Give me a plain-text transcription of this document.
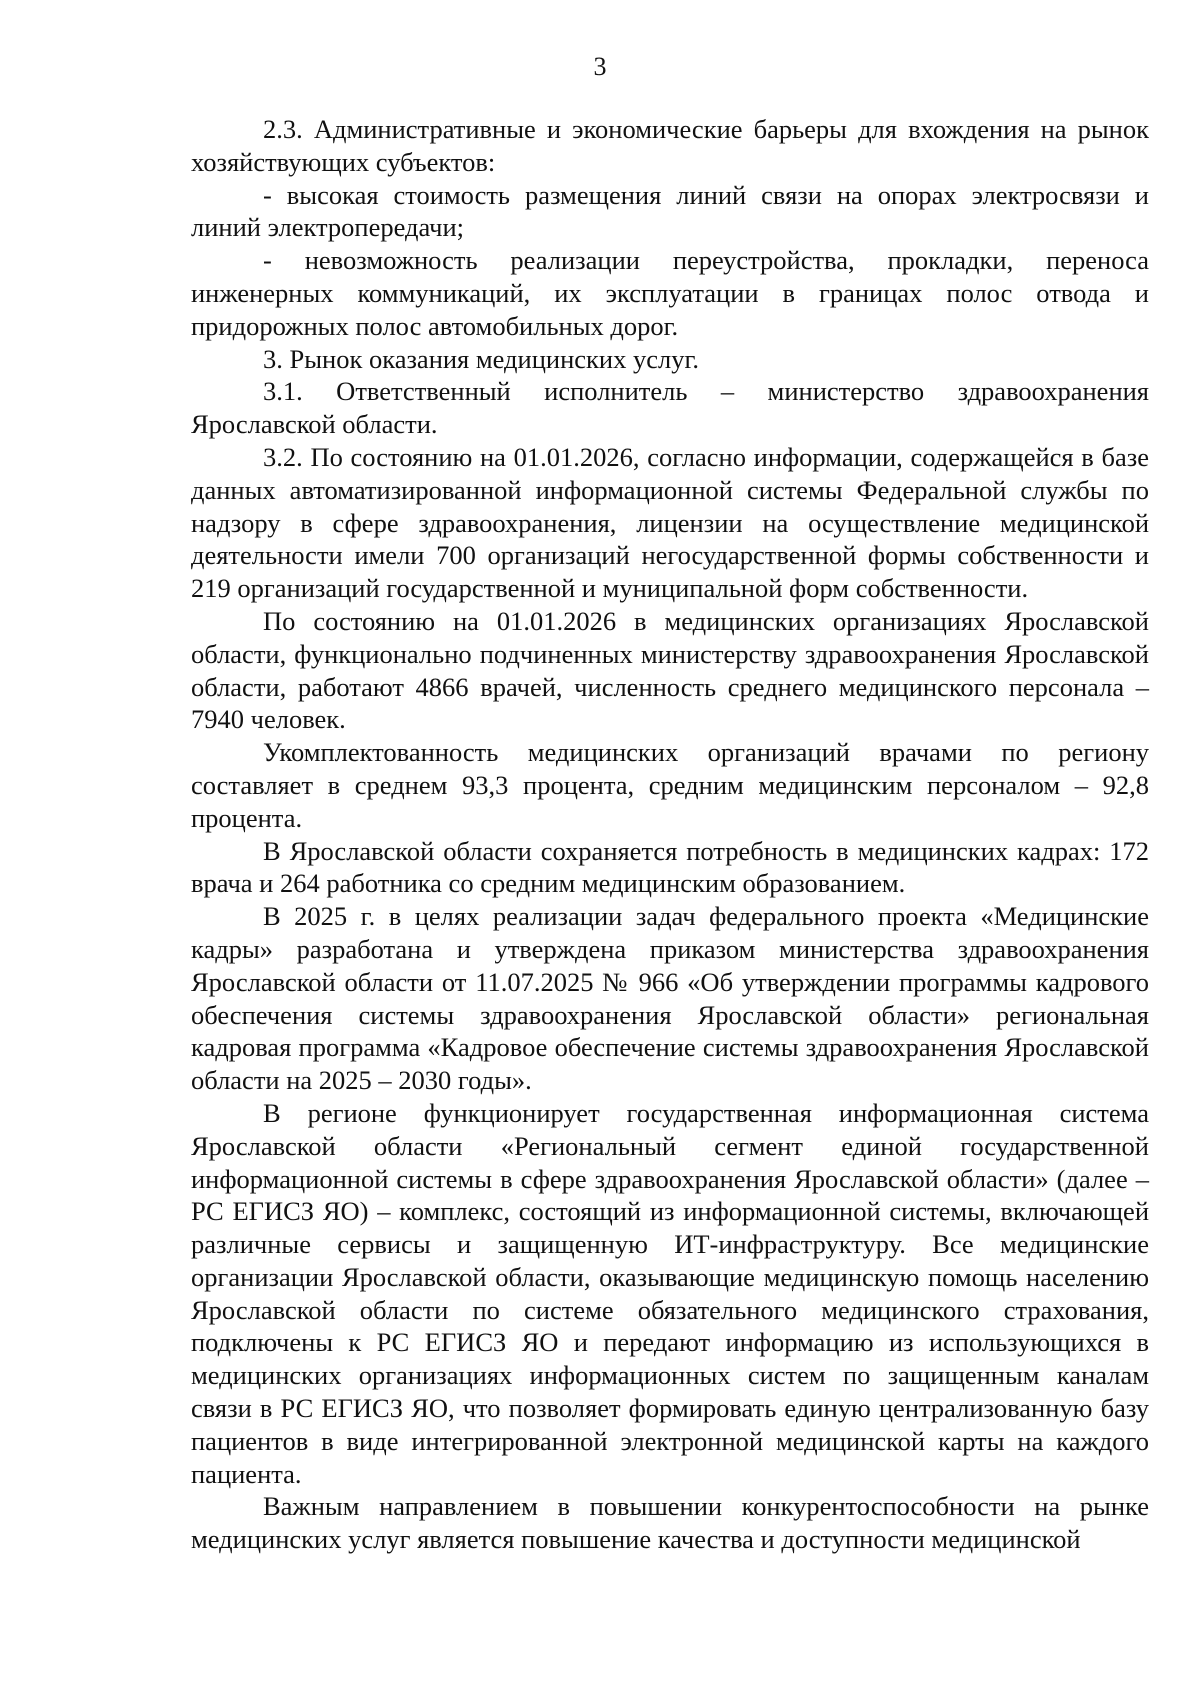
3

2.3. Административные и экономические барьеры для вхождения на рынок хозяйствующих субъектов:

- высокая стоимость размещения линий связи на опорах электросвязи и линий электропередачи;

- невозможность реализации переустройства, прокладки, переноса инженерных коммуникаций, их эксплуатации в границах полос отвода и придорожных полос автомобильных дорог.

3. Рынок оказания медицинских услуг.

3.1. Ответственный исполнитель – министерство здравоохранения Ярославской области.

3.2. По состоянию на 01.01.2026, согласно информации, содержащейся в базе данных автоматизированной информационной системы Федеральной службы по надзору в сфере здравоохранения, лицензии на осуществление медицинской деятельности имели 700 организаций негосударственной формы собственности и 219 организаций государственной и муниципальной форм собственности.

По состоянию на 01.01.2026 в медицинских организациях Ярославской области, функционально подчиненных министерству здравоохранения Ярославской области, работают 4866 врачей, численность среднего медицинского персонала – 7940 человек.

Укомплектованность медицинских организаций врачами по региону составляет в среднем 93,3 процента, средним медицинским персоналом – 92,8 процента.

В Ярославской области сохраняется потребность в медицинских кадрах: 172 врача и 264 работника со средним медицинским образованием.

В 2025 г. в целях реализации задач федерального проекта «Медицинские кадры» разработана и утверждена приказом министерства здравоохранения Ярославской области от 11.07.2025 № 966 «Об утверждении программы кадрового обеспечения системы здравоохранения Ярославской области» региональная кадровая программа «Кадровое обеспечение системы здравоохранения Ярославской области на 2025 – 2030 годы».

В регионе функционирует государственная информационная система Ярославской области «Региональный сегмент единой государственной информационной системы в сфере здравоохранения Ярославской области» (далее – РС ЕГИСЗ ЯО) – комплекс, состоящий из информационной системы, включающей различные сервисы и защищенную ИТ-инфраструктуру. Все медицинские организации Ярославской области, оказывающие медицинскую помощь населению Ярославской области по системе обязательного медицинского страхования, подключены к РС ЕГИСЗ ЯО и передают информацию из использующихся в медицинских организациях информационных систем по защищенным каналам связи в РС ЕГИСЗ ЯО, что позволяет формировать единую централизованную базу пациентов в виде интегрированной электронной медицинской карты на каждого пациента.

Важным направлением в повышении конкурентоспособности на рынке медицинских услуг является повышение качества и доступности медицинской
